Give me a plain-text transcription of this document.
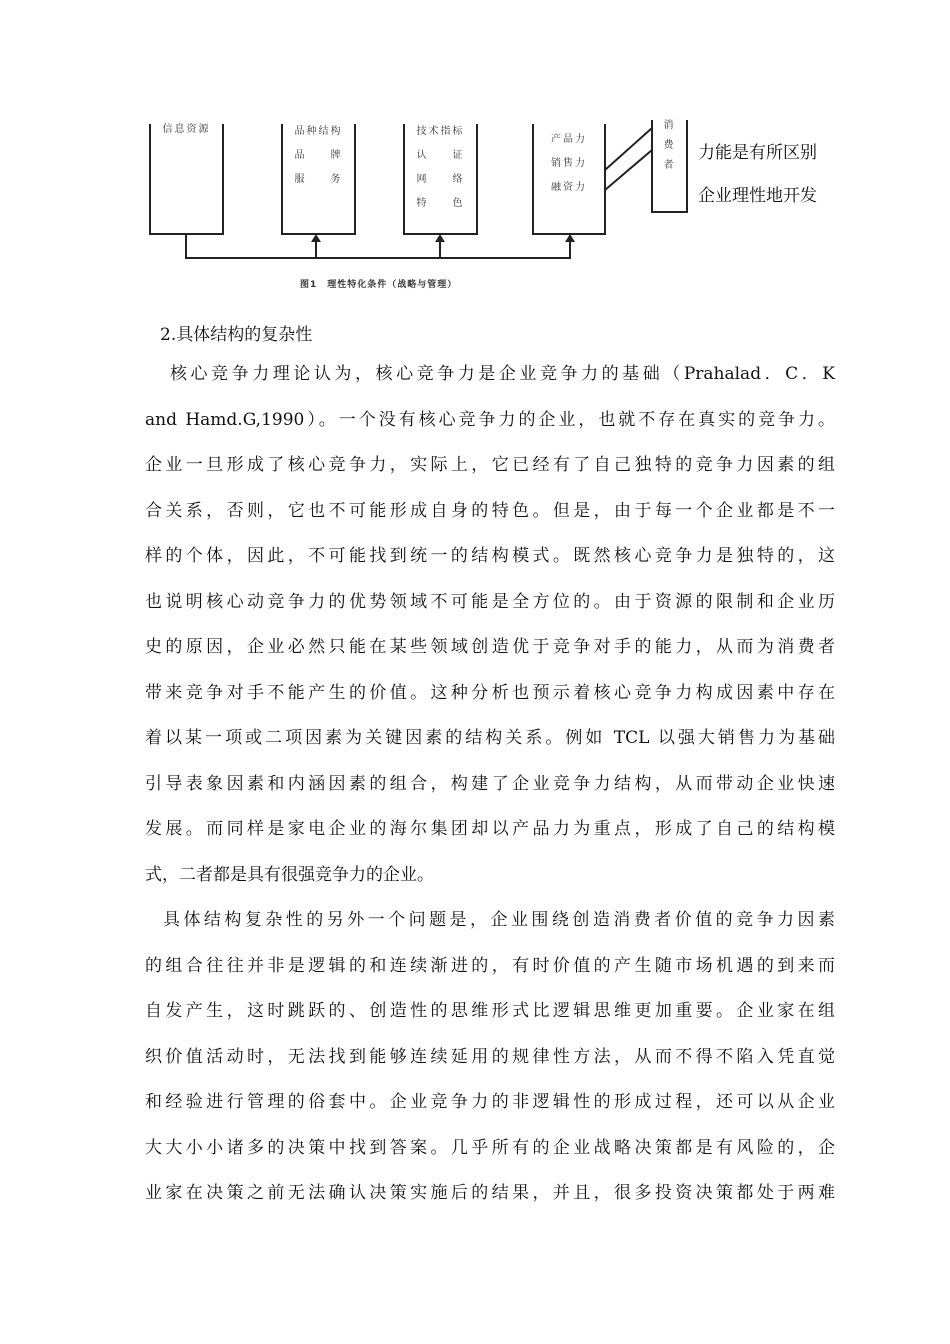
信息资源	品种结构
品　　牌
服　　务
技术指标
认　　证
网　　络
特　　色
产品力
销售力
融资力
消
费
者
力能是有所区别
企业理性地开发
图1　理性特化条件（战略与管理）
2.具体结构的复杂性
核心竞争力理论认为，核心竞争力是企业竞争力的基础（Prahalad．C．K
and Hamd.G,1990）。一个没有核心竞争力的企业，也就不存在真实的竞争力。
企业一旦形成了核心竞争力，实际上，它已经有了自己独特的竞争力因素的组
合关系，否则，它也不可能形成自身的特色。但是，由于每一个企业都是不一
样的个体，因此，不可能找到统一的结构模式。既然核心竞争力是独特的，这
也说明核心动竞争力的优势领域不可能是全方位的。由于资源的限制和企业历
史的原因，企业必然只能在某些领域创造优于竞争对手的能力，从而为消费者
带来竞争对手不能产生的价值。这种分析也预示着核心竞争力构成因素中存在
着以某一项或二项因素为关键因素的结构关系。例如 TCL 以强大销售力为基础
引导表象因素和内涵因素的组合，构建了企业竞争力结构，从而带动企业快速
发展。而同样是家电企业的海尔集团却以产品力为重点，形成了自己的结构模
式，二者都是具有很强竞争力的企业。
具体结构复杂性的另外一个问题是，企业围绕创造消费者价值的竞争力因素
的组合往往并非是逻辑的和连续渐进的，有时价值的产生随市场机遇的到来而
自发产生，这时跳跃的、创造性的思维形式比逻辑思维更加重要。企业家在组
织价值活动时，无法找到能够连续延用的规律性方法，从而不得不陷入凭直觉
和经验进行管理的俗套中。企业竞争力的非逻辑性的形成过程，还可以从企业
大大小小诸多的决策中找到答案。几乎所有的企业战略决策都是有风险的，企
业家在决策之前无法确认决策实施后的结果，并且，很多投资决策都处于两难
